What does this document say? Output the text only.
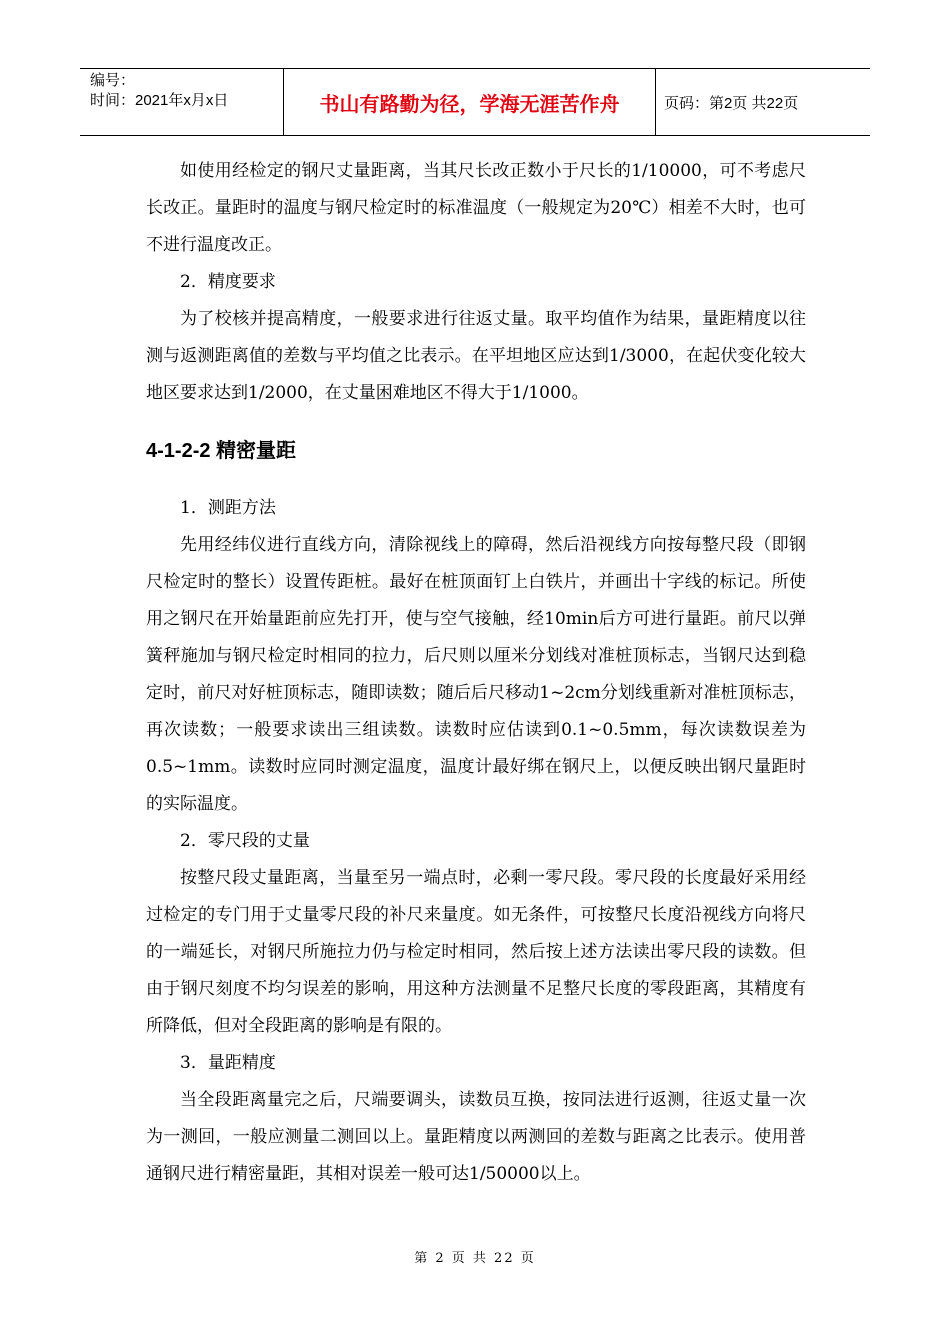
编号：
时间：2021年x月x日	书山有路勤为径，学海无涯苦作舟	页码：第2页 共22页

如使用经检定的钢尺丈量距离，当其尺长改正数小于尺长的1/10000，可不考虑尺长改正。量距时的温度与钢尺检定时的标准温度（一般规定为20℃）相差不大时，也可不进行温度改正。

2．精度要求

为了校核并提高精度，一般要求进行往返丈量。取平均值作为结果，量距精度以往测与返测距离值的差数与平均值之比表示。在平坦地区应达到1/3000，在起伏变化较大地区要求达到1/2000，在丈量困难地区不得大于1/1000。

4-1-2-2 精密量距

1．测距方法

先用经纬仪进行直线方向，清除视线上的障碍，然后沿视线方向按每整尺段（即钢尺检定时的整长）设置传距桩。最好在桩顶面钉上白铁片，并画出十字线的标记。所使用之钢尺在开始量距前应先打开，使与空气接触，经10min后方可进行量距。前尺以弹簧秤施加与钢尺检定时相同的拉力，后尺则以厘米分划线对准桩顶标志，当钢尺达到稳定时，前尺对好桩顶标志，随即读数；随后后尺移动1~2cm分划线重新对准桩顶标志，再次读数；一般要求读出三组读数。读数时应估读到0.1~0.5mm，每次读数误差为0.5~1mm。读数时应同时测定温度，温度计最好绑在钢尺上，以便反映出钢尺量距时的实际温度。

2．零尺段的丈量

按整尺段丈量距离，当量至另一端点时，必剩一零尺段。零尺段的长度最好采用经过检定的专门用于丈量零尺段的补尺来量度。如无条件，可按整尺长度沿视线方向将尺的一端延长，对钢尺所施拉力仍与检定时相同，然后按上述方法读出零尺段的读数。但由于钢尺刻度不均匀误差的影响，用这种方法测量不足整尺长度的零段距离，其精度有所降低，但对全段距离的影响是有限的。

3．量距精度

当全段距离量完之后，尺端要调头，读数员互换，按同法进行返测，往返丈量一次为一测回，一般应测量二测回以上。量距精度以两测回的差数与距离之比表示。使用普通钢尺进行精密量距，其相对误差一般可达1/50000以上。

第 2 页 共 22 页
